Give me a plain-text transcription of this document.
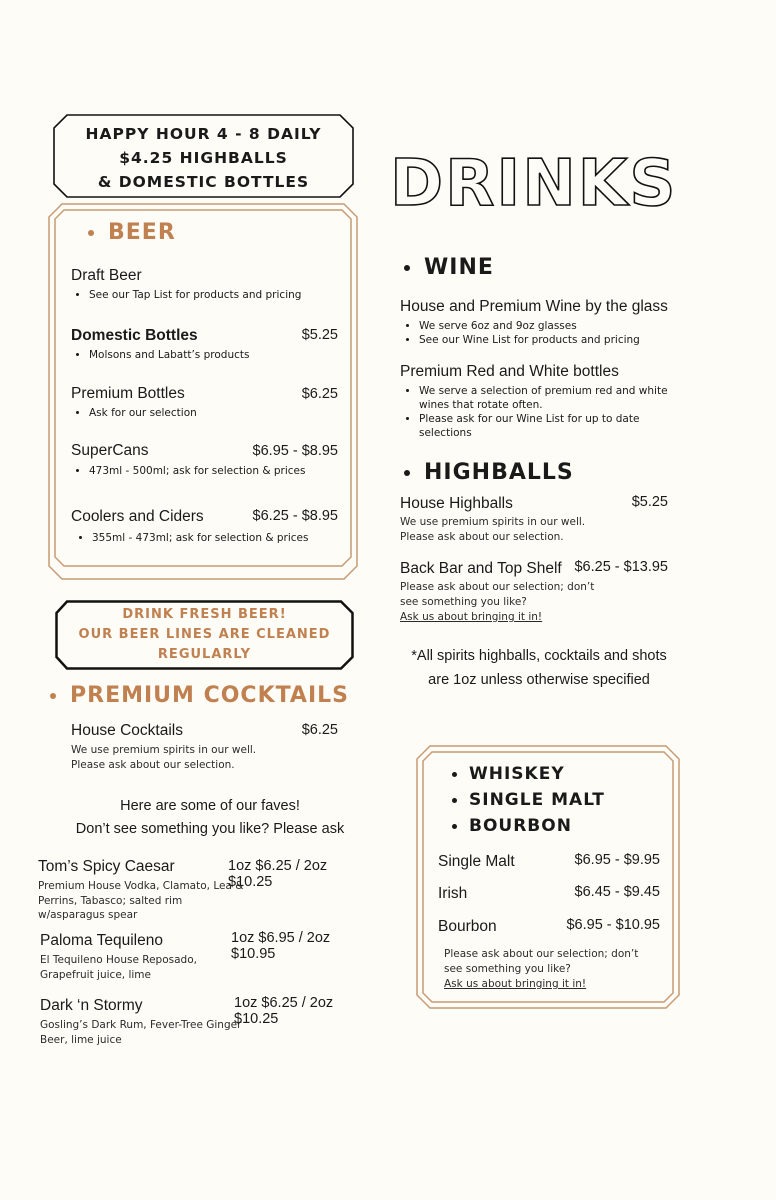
HAPPY HOUR 4 - 8 DAILY
$4.25 HIGHBALLS
& DOMESTIC BOTTLES	DRINKS
BEER
Draft Beer
• See our Tap List for products and pricing
Domestic Bottles	$5.25
• Molsons and Labatt’s products
Premium Bottles	$6.25
• Ask for our selection
SuperCans	$6.95 - $8.95
• 473ml - 500ml; ask for selection & prices
Coolers and Ciders	$6.25 - $8.95
• 355ml - 473ml; ask for selection & prices
DRINK FRESH BEER!
OUR BEER LINES ARE CLEANED
REGULARLY
PREMIUM COCKTAILS
House Cocktails	$6.25
We use premium spirits in our well.
Please ask about our selection.
Here are some of our faves!
Don’t see something you like? Please ask
Tom’s Spicy Caesar	1oz $6.25 / 2oz $10.25
Premium House Vodka, Clamato, Lea &
Perrins, Tabasco; salted rim
w/asparagus spear
Paloma Tequileno	1oz $6.95 / 2oz $10.95
El Tequileno House Reposado,
Grapefruit juice, lime
Dark ‘n Stormy	1oz $6.25 / 2oz $10.25
Gosling’s Dark Rum, Fever-Tree Ginger
Beer, lime juice
WINE
House and Premium Wine by the glass
• We serve 6oz and 9oz glasses
• See our Wine List for products and pricing
Premium Red and White bottles
• We serve a selection of premium red and white wines that rotate often.
• Please ask for our Wine List for up to date selections
HIGHBALLS
House Highballs	$5.25
We use premium spirits in our well.
Please ask about our selection.
Back Bar and Top Shelf $6.25 - $13.95
Please ask about our selection; don’t
see something you like?
Ask us about bringing it in!
*All spirits highballs, cocktails and shots
are 1oz unless otherwise specified
WHISKEY
SINGLE MALT
BOURBON
Single Malt	$6.95 - $9.95
Irish	$6.45 - $9.45
Bourbon	$6.95 - $10.95
Please ask about our selection; don’t
see something you like?
Ask us about bringing it in!
